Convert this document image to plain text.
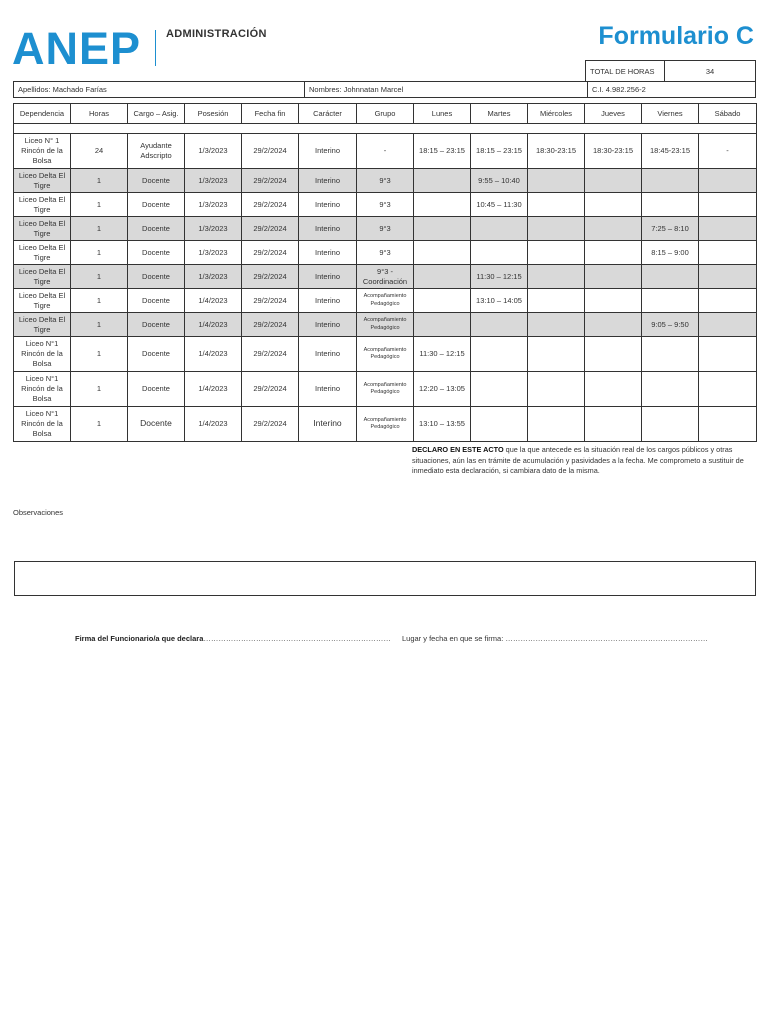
ANEP ADMINISTRACIÓN	Formulario C
TOTAL DE HORAS	34
Apellidos: Machado Farías	Nombres: Johnnatan Marcel	C.I. 4.982.256-2
Dependencia	Horas	Cargo – Asig.	Posesión	Fecha fin	Carácter	Grupo	Lunes	Martes	Miércoles	Jueves	Viernes	Sábado

Liceo N° 1 Rincón de la Bolsa	24	Ayudante Adscripto	1/3/2023	29/2/2024	Interino	-	18:15 – 23:15	18:15 – 23:15	18:30-23:15	18:30-23:15	18:45-23:15	-
Liceo Delta El Tigre	1	Docente	1/3/2023	29/2/2024	Interino	9°3		9:55 – 10:40				
Liceo Delta El Tigre	1	Docente	1/3/2023	29/2/2024	Interino	9°3		10:45 – 11:30				
Liceo Delta El Tigre	1	Docente	1/3/2023	29/2/2024	Interino	9°3					7:25 – 8:10	
Liceo Delta El Tigre	1	Docente	1/3/2023	29/2/2024	Interino	9°3					8:15 – 9:00	
Liceo Delta El Tigre	1	Docente	1/3/2023	29/2/2024	Interino	9°3 - Coordinación		11:30 – 12:15				
Liceo Delta El Tigre	1	Docente	1/4/2023	29/2/2024	Interino	Acompañamiento Pedagógico		13:10 – 14:05				
Liceo Delta El Tigre	1	Docente	1/4/2023	29/2/2024	Interino	Acompañamiento Pedagógico					9:05 – 9:50	
Liceo N°1 Rincón de la Bolsa	1	Docente	1/4/2023	29/2/2024	Interino	Acompañamiento Pedagógico	11:30 – 12:15					
Liceo N°1 Rincón de la Bolsa	1	Docente	1/4/2023	29/2/2024	Interino	Acompañamiento Pedagógico	12:20 – 13:05					
Liceo N°1 Rincón de la Bolsa	1	Docente	1/4/2023	29/2/2024	Interino	Acompañamiento Pedagógico	13:10 – 13:55					
DECLARO EN ESTE ACTO que la que antecede es la situación real de los cargos públicos y otras situaciones, aún las en trámite de acumulación y pasividades a la fecha. Me comprometo a sustituir de inmediato esta declaración, si cambiara dato de la misma.
Observaciones
Firma del Funcionario/a que declara………………………………………………………………… Lugar y fecha en que se firma: ………………………………………………………………………
